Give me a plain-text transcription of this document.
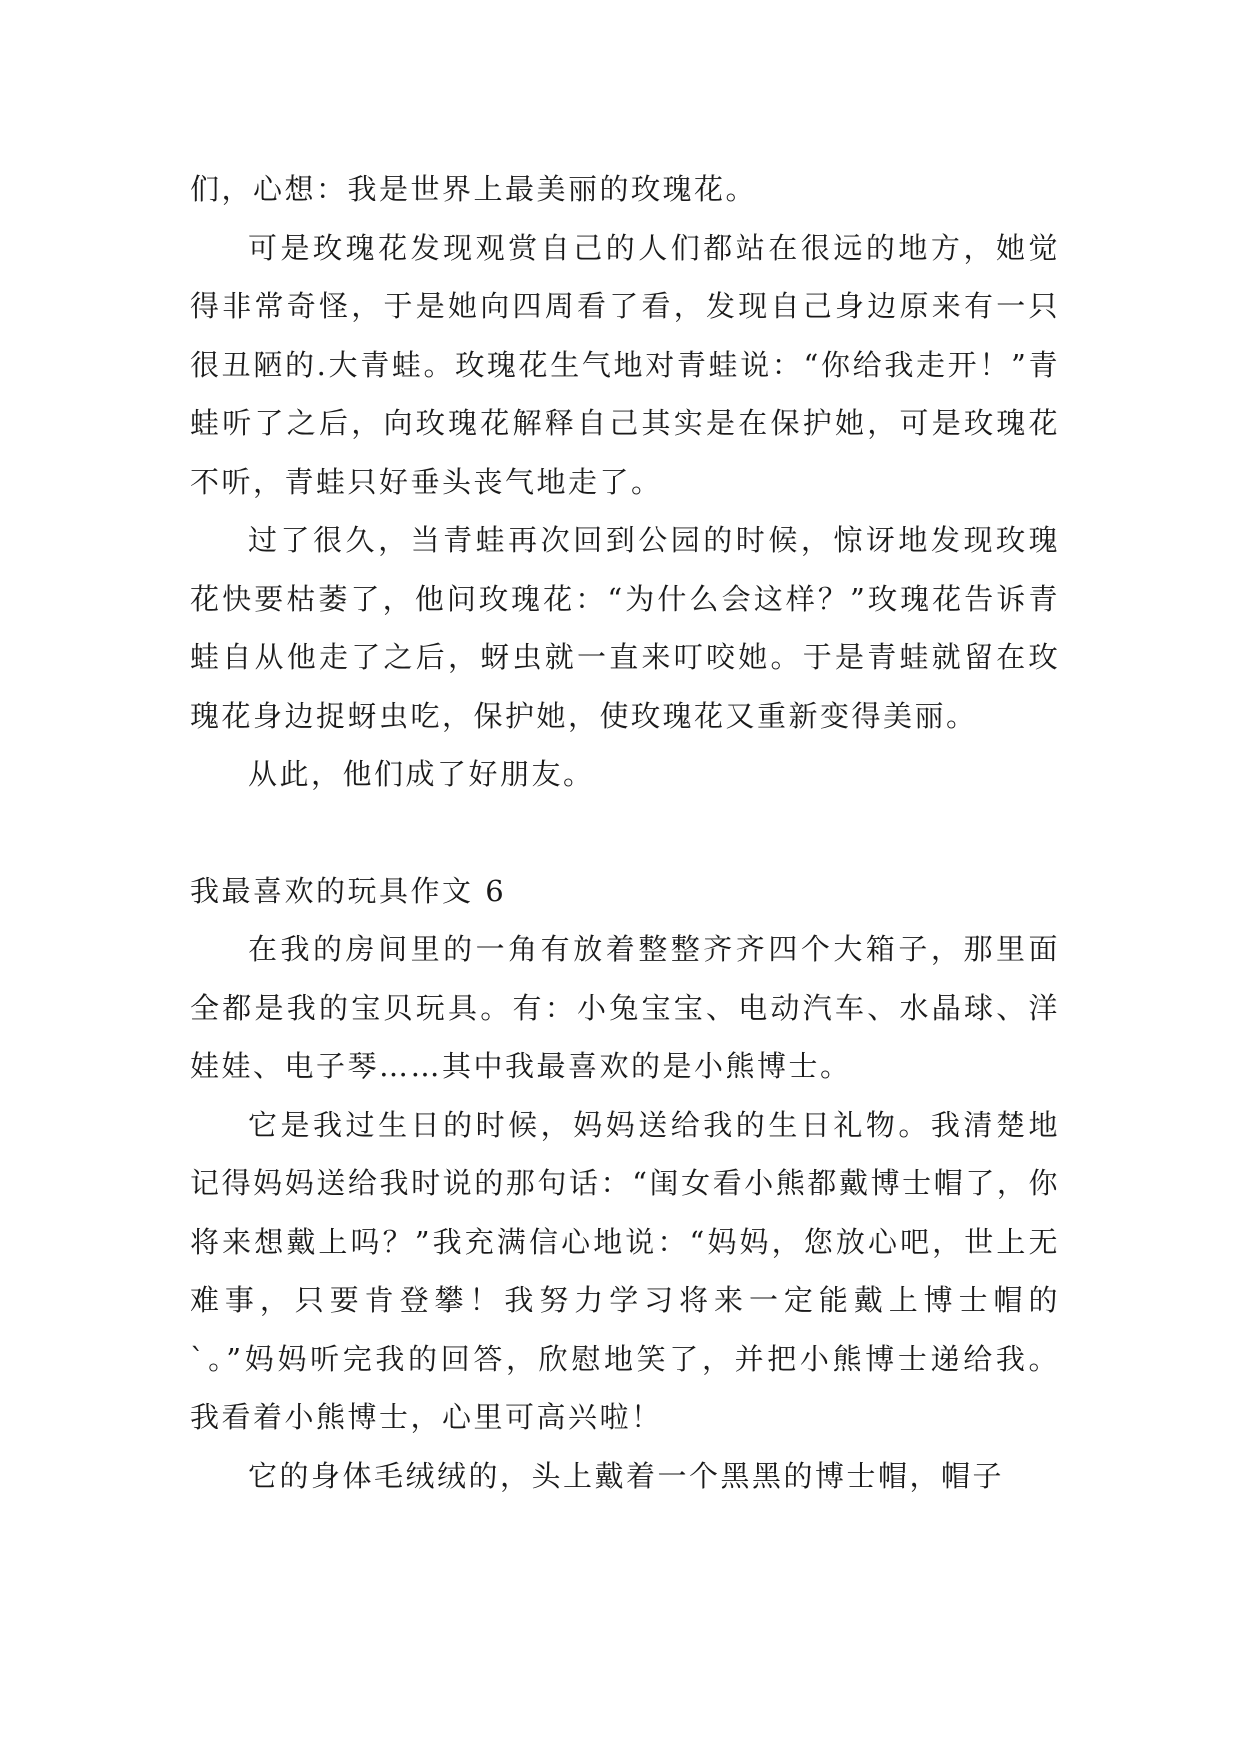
们，心想：我是世界上最美丽的玫瑰花。

可是玫瑰花发现观赏自己的人们都站在很远的地方，她觉得非常奇怪，于是她向四周看了看，发现自己身边原来有一只很丑陋的.大青蛙。玫瑰花生气地对青蛙说：“你给我走开！”青蛙听了之后，向玫瑰花解释自己其实是在保护她，可是玫瑰花不听，青蛙只好垂头丧气地走了。

过了很久，当青蛙再次回到公园的时候，惊讶地发现玫瑰花快要枯萎了，他问玫瑰花：“为什么会这样？”玫瑰花告诉青蛙自从他走了之后，蚜虫就一直来叮咬她。于是青蛙就留在玫瑰花身边捉蚜虫吃，保护她，使玫瑰花又重新变得美丽。

从此，他们成了好朋友。

我最喜欢的玩具作文 6

在我的房间里的一角有放着整整齐齐四个大箱子，那里面全都是我的宝贝玩具。有：小兔宝宝、电动汽车、水晶球、洋娃娃、电子琴……其中我最喜欢的是小熊博士。

它是我过生日的时候，妈妈送给我的生日礼物。我清楚地记得妈妈送给我时说的那句话：“闺女看小熊都戴博士帽了，你将来想戴上吗？”我充满信心地说：“妈妈，您放心吧，世上无难事，只要肯登攀！我努力学习将来一定能戴上博士帽的`。”妈妈听完我的回答，欣慰地笑了，并把小熊博士递给我。我看着小熊博士，心里可高兴啦！

它的身体毛绒绒的，头上戴着一个黑黑的博士帽，帽子
